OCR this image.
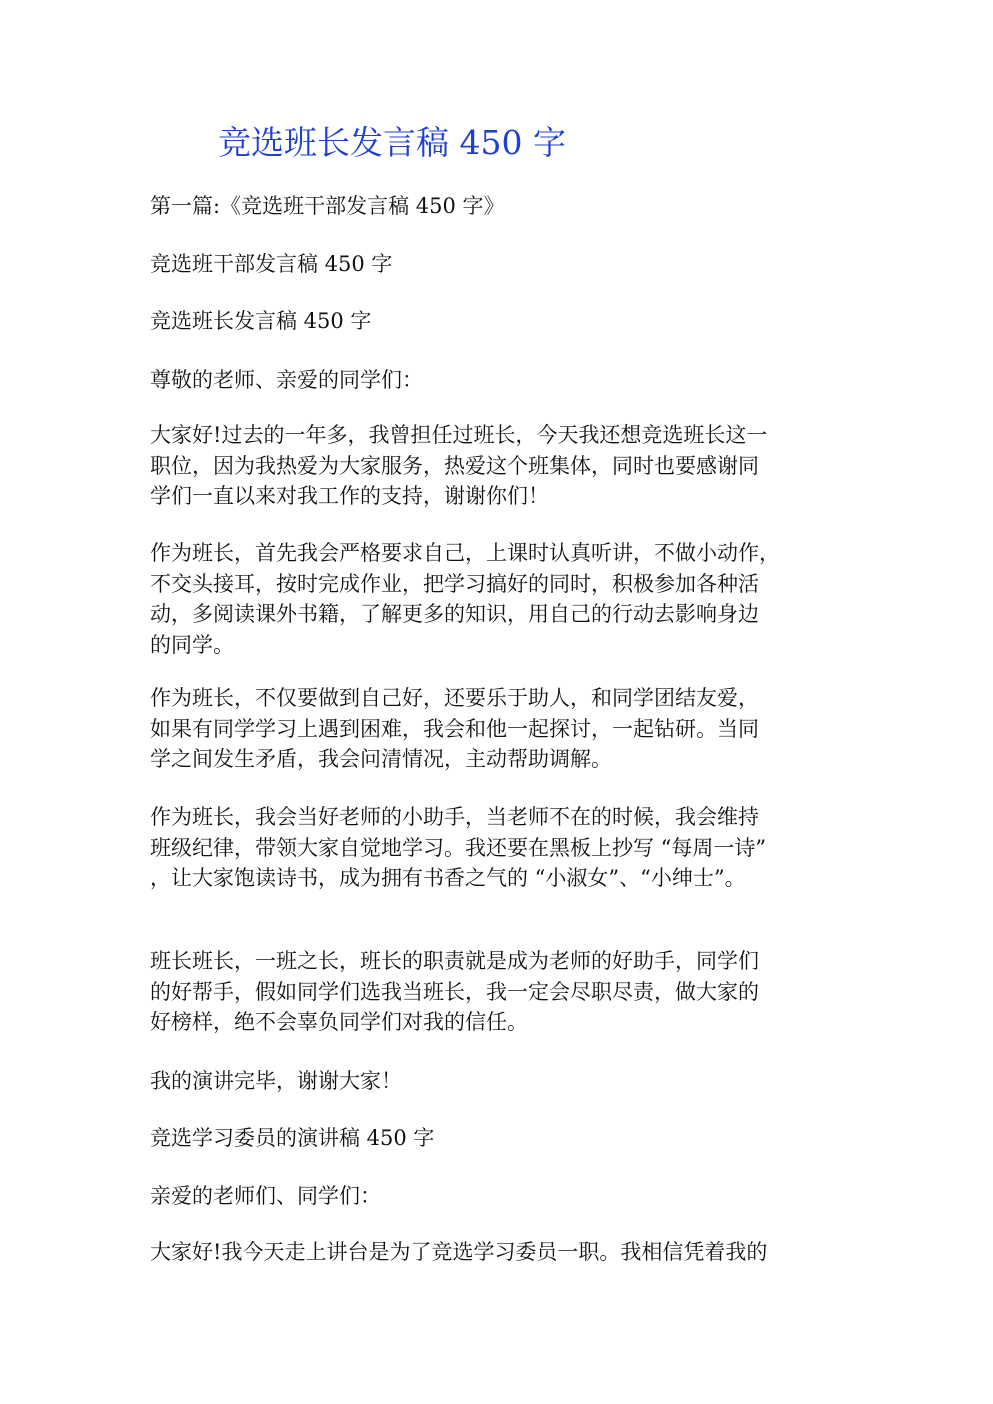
竞选班长发言稿 450 字

第一篇:《竞选班干部发言稿 450 字》

竞选班干部发言稿 450 字

竞选班长发言稿 450 字

尊敬的老师、亲爱的同学们：

大家好!过去的一年多，我曾担任过班长，今天我还想竞选班长这一
职位，因为我热爱为大家服务，热爱这个班集体，同时也要感谢同
学们一直以来对我工作的支持，谢谢你们！
作为班长，首先我会严格要求自己，上课时认真听讲，不做小动作，
不交头接耳，按时完成作业，把学习搞好的同时，积极参加各种活
动，多阅读课外书籍，了解更多的知识，用自己的行动去影响身边
的同学。
作为班长，不仅要做到自己好，还要乐于助人，和同学团结友爱，
如果有同学学习上遇到困难，我会和他一起探讨，一起钻研。当同
学之间发生矛盾，我会问清情况，主动帮助调解。
作为班长，我会当好老师的小助手，当老师不在的时候，我会维持
班级纪律，带领大家自觉地学习。我还要在黑板上抄写 “每周一诗”
，让大家饱读诗书，成为拥有书香之气的 “小淑女”、“小绅士”。
班长班长，一班之长，班长的职责就是成为老师的好助手，同学们
的好帮手，假如同学们选我当班长，我一定会尽职尽责，做大家的
好榜样，绝不会辜负同学们对我的信任。

我的演讲完毕，谢谢大家！

竞选学习委员的演讲稿 450 字

亲爱的老师们、同学们：

大家好!我今天走上讲台是为了竞选学习委员一职。我相信凭着我的
